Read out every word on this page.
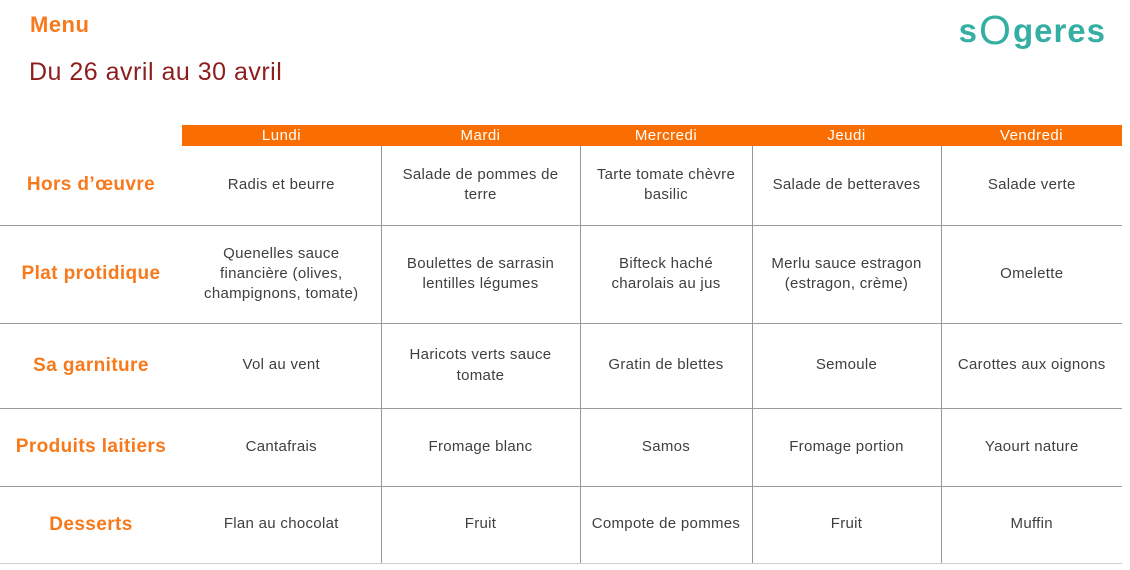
Menu
Du 26 avril au 30 avril
s O geres
	Lundi	Mardi	Mercredi	Jeudi	Vendredi
Hors d’œuvre	Radis et beurre	Salade de pommes de terre	Tarte tomate chèvre basilic	Salade de betteraves	Salade verte
Plat protidique	Quenelles sauce financière (olives, champignons, tomate)	Boulettes de sarrasin lentilles légumes	Bifteck haché charolais au jus	Merlu sauce estragon (estragon, crème)	Omelette
Sa garniture	Vol au vent	Haricots verts sauce tomate	Gratin de blettes	Semoule	Carottes aux oignons
Produits laitiers	Cantafrais	Fromage blanc	Samos	Fromage portion	Yaourt nature
Desserts	Flan au chocolat	Fruit	Compote de pommes	Fruit	Muffin
